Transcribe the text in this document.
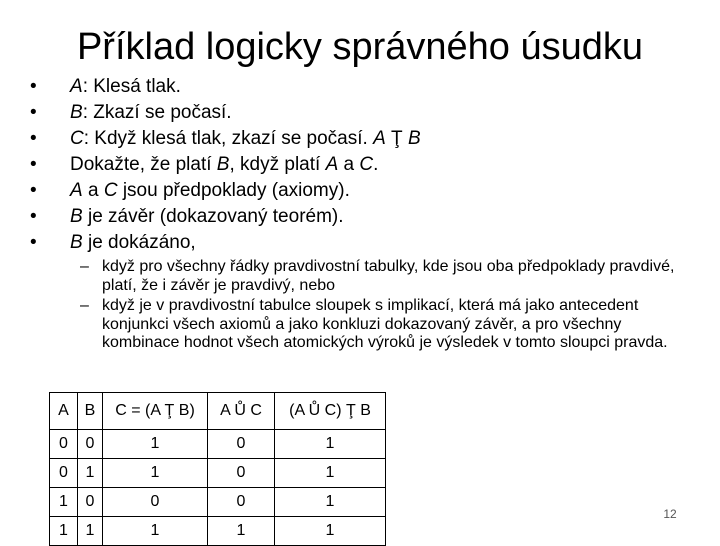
Příklad logicky správného úsudku
• A: Klesá tlak.
• B: Zkazí se počasí.
• C: Když klesá tlak, zkazí se počasí. A Ţ B
• Dokažte, že platí B, když platí A a C.
• A a C jsou předpoklady (axiomy).
• B je závěr (dokazovaný teorém).
• B je dokázáno,
– když pro všechny řádky pravdivostní tabulky, kde jsou oba předpoklady pravdivé, platí, že i závěr je pravdivý, nebo
– když je v pravdivostní tabulce sloupek s implikací, která má jako antecedent konjunkci všech axiomů a jako konkluzi dokazovaný závěr, a pro všechny kombinace hodnot všech atomických výroků je výsledek v tomto sloupci pravda.
A	B	C = (A Ţ B)	A Ů C	(A Ů C) Ţ B
0	0	1	0	1
0	1	1	0	1
1	0	0	0	1
1	1	1	1	1
12
